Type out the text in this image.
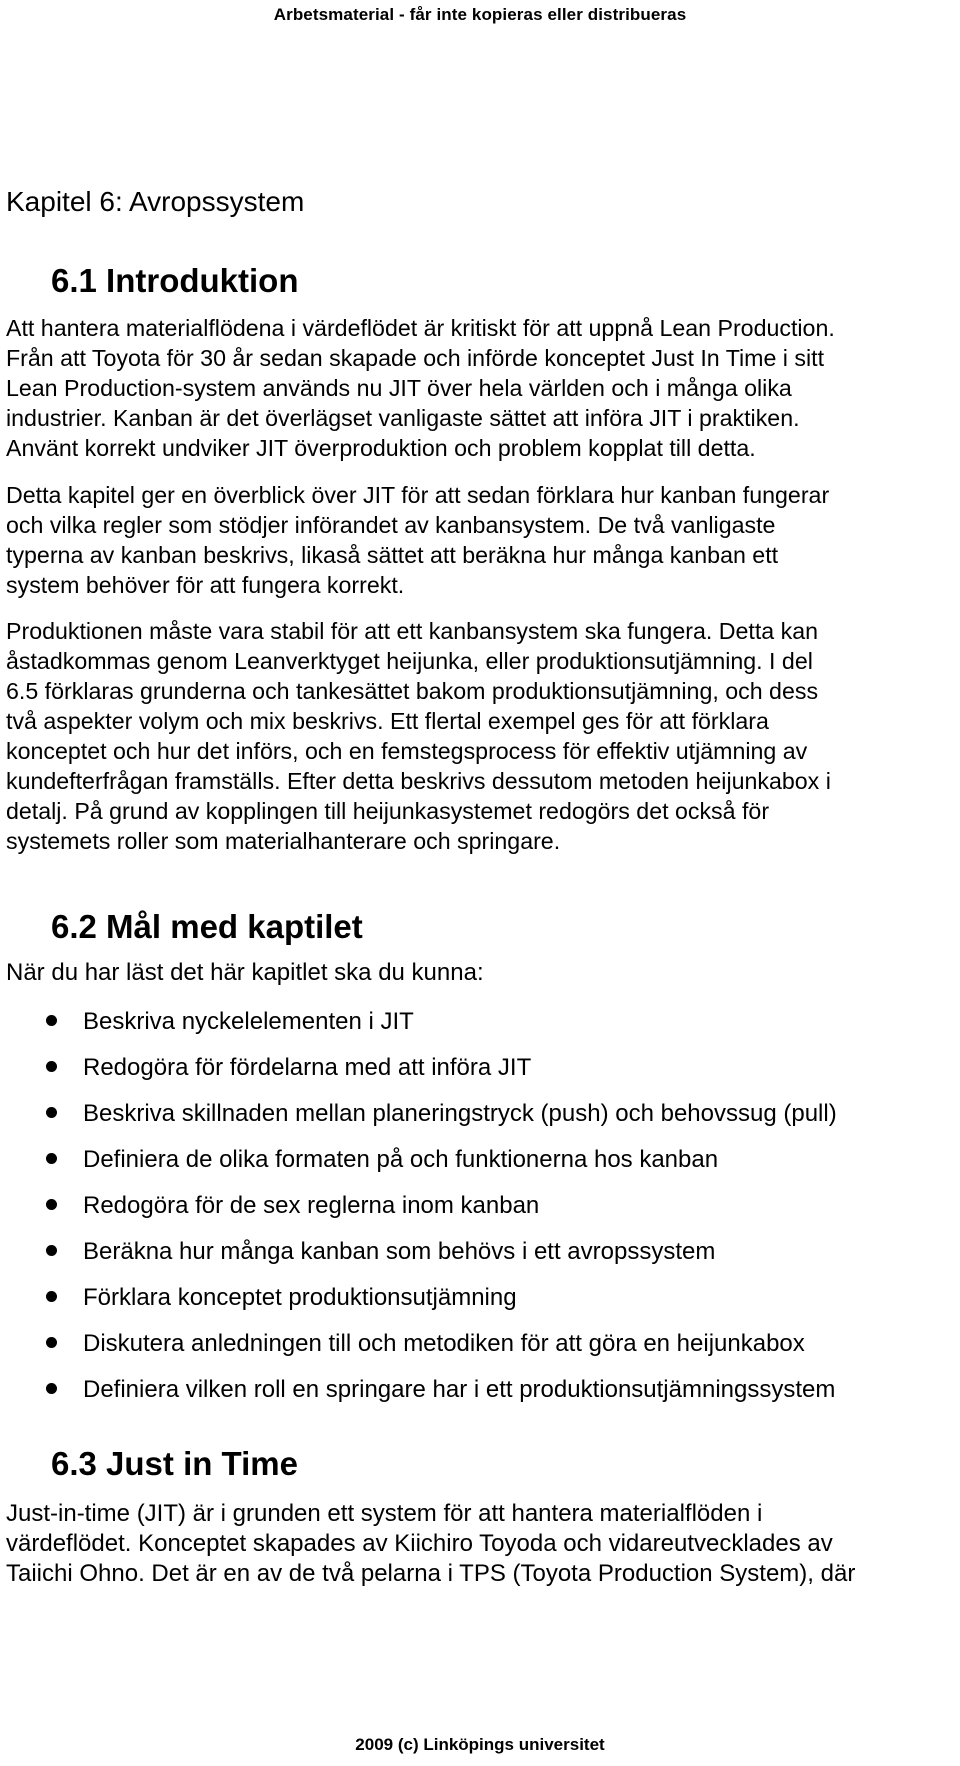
Arbetsmaterial - får inte kopieras eller distribueras
Kapitel 6: Avropssystem
6.1 Introduktion

Att hantera materialflödena i värdeflödet är kritiskt för att uppnå Lean Production.
Från att Toyota för 30 år sedan skapade och införde konceptet Just In Time i sitt
Lean Production-system används nu JIT över hela världen och i många olika
industrier. Kanban är det överlägset vanligaste sättet att införa JIT i praktiken.
Använt korrekt undviker JIT överproduktion och problem kopplat till detta.

Detta kapitel ger en överblick över JIT för att sedan förklara hur kanban fungerar
och vilka regler som stödjer införandet av kanbansystem. De två vanligaste
typerna av kanban beskrivs, likaså sättet att beräkna hur många kanban ett
system behöver för att fungera korrekt.

Produktionen måste vara stabil för att ett kanbansystem ska fungera. Detta kan
åstadkommas genom Leanverktyget heijunka, eller produktionsutjämning. I del
6.5 förklaras grunderna och tankesättet bakom produktionsutjämning, och dess
två aspekter volym och mix beskrivs. Ett flertal exempel ges för att förklara
konceptet och hur det införs, och en femstegsprocess för effektiv utjämning av
kundefterfrågan framställs. Efter detta beskrivs dessutom metoden heijunkabox i
detalj. På grund av kopplingen till heijunkasystemet redogörs det också för
systemets roller som materialhanterare och springare.

6.2 Mål med kaptilet

När du har läst det här kapitlet ska du kunna:

Beskriva nyckelelementen i JIT
Redogöra för fördelarna med att införa JIT
Beskriva skillnaden mellan planeringstryck (push) och behovssug (pull)
Definiera de olika formaten på och funktionerna hos kanban
Redogöra för de sex reglerna inom kanban
Beräkna hur många kanban som behövs i ett avropssystem
Förklara konceptet produktionsutjämning
Diskutera anledningen till och metodiken för att göra en heijunkabox
Definiera vilken roll en springare har i ett produktionsutjämningssystem
6.3 Just in Time

Just-in-time (JIT) är i grunden ett system för att hantera materialflöden i
värdeflödet. Konceptet skapades av Kiichiro Toyoda och vidareutvecklades av
Taiichi Ohno. Det är en av de två pelarna i TPS (Toyota Production System), där

2009 (c) Linköpings universitet
